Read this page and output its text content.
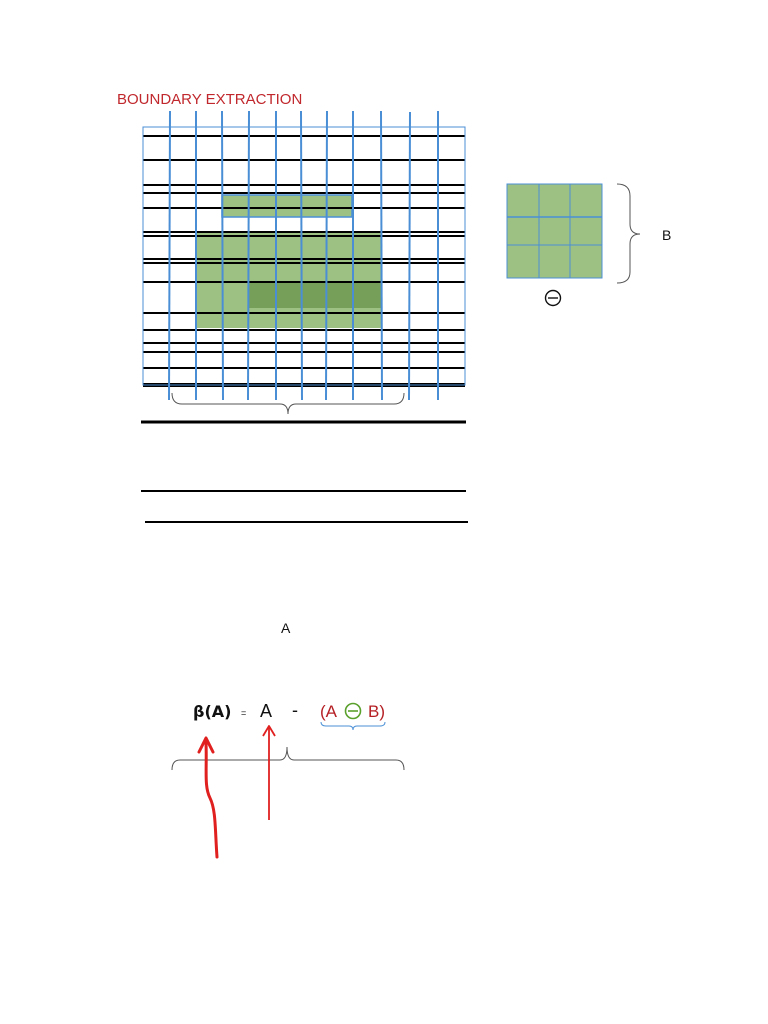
BOUNDARY EXTRACTION
A
B
β(A) = A - (A B)
